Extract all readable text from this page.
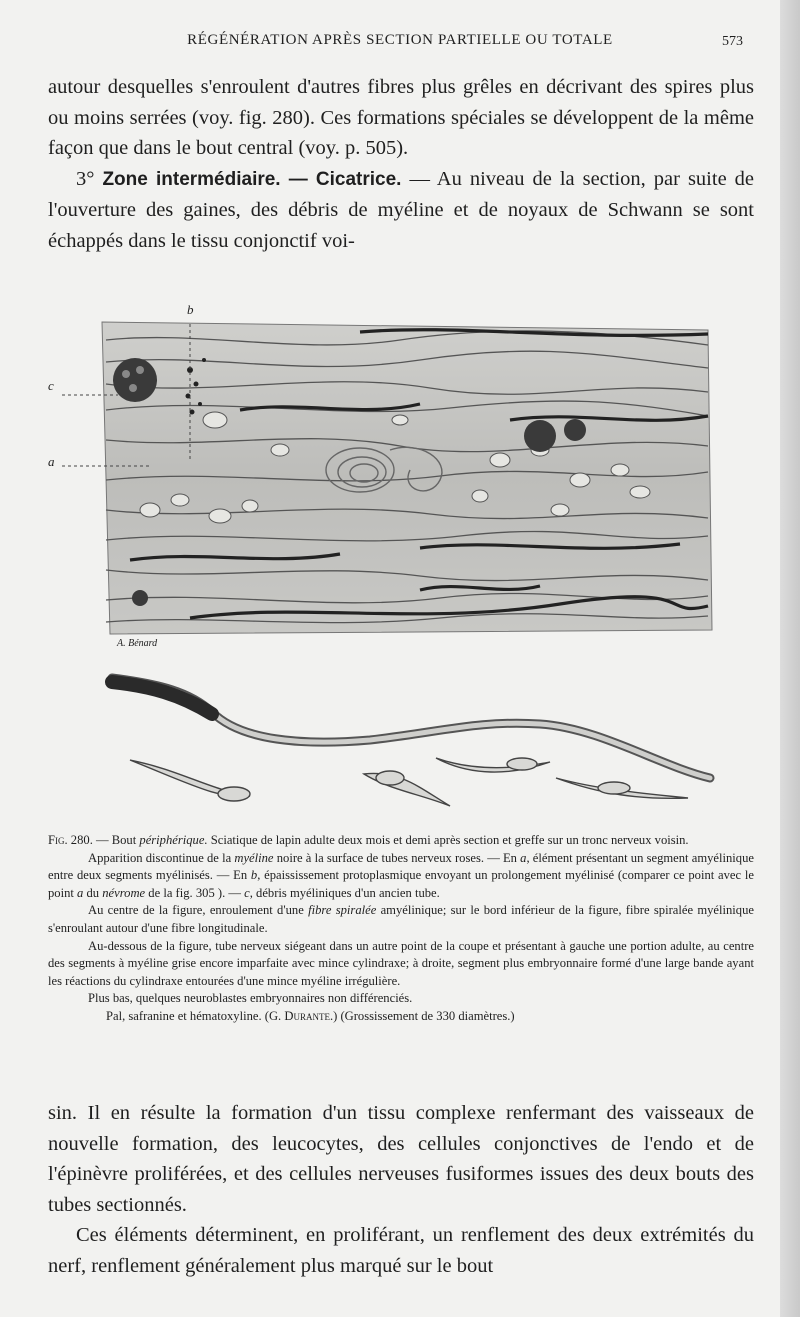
RÉGÉNÉRATION APRÈS SECTION PARTIELLE OU TOTALE	573

autour desquelles s'enroulent d'autres fibres plus grêles en décrivant des spires plus ou moins serrées (voy. fig. 280). Ces formations spéciales se développent de la même façon que dans le bout central (voy. p. 505).

3° Zone intermédiaire. — Cicatrice. — Au niveau de la section, par suite de l'ouverture des gaines, des débris de myéline et de noyaux de Schwann se sont échappés dans le tissu conjonctif voi-

b
c
a
A. Bénard

Fig. 280. — Bout périphérique. Sciatique de lapin adulte deux mois et demi après section et greffe sur un tronc nerveux voisin.

Apparition discontinue de la myéline noire à la surface de tubes nerveux roses. — En a, élément présentant un segment amyélinique entre deux segments myélinisés. — En b, épaississement protoplasmique envoyant un prolongement myélinisé (comparer ce point avec le point a du névrome de la fig. 305 ). — c, débris myéliniques d'un ancien tube.

Au centre de la figure, enroulement d'une fibre spiralée amyélinique; sur le bord inférieur de la figure, fibre spiralée myélinique s'enroulant autour d'une fibre longitudinale.

Au-dessous de la figure, tube nerveux siégeant dans un autre point de la coupe et présentant à gauche une portion adulte, au centre des segments à myéline grise encore imparfaite avec mince cylindraxe; à droite, segment plus embryonnaire formé d'une large bande ayant les réactions du cylindraxe entourées d'une mince myéline irrégulière.

Plus bas, quelques neuroblastes embryonnaires non différenciés.

Pal, safranine et hématoxyline. (G. Durante.) (Grossissement de 330 diamètres.)

sin. Il en résulte la formation d'un tissu complexe renfermant des vaisseaux de nouvelle formation, des leucocytes, des cellules conjonctives de l'endo et de l'épinèvre proliférées, et des cellules nerveuses fusiformes issues des deux bouts des tubes sectionnés.

Ces éléments déterminent, en proliférant, un renflement des deux extrémités du nerf, renflement généralement plus marqué sur le bout
